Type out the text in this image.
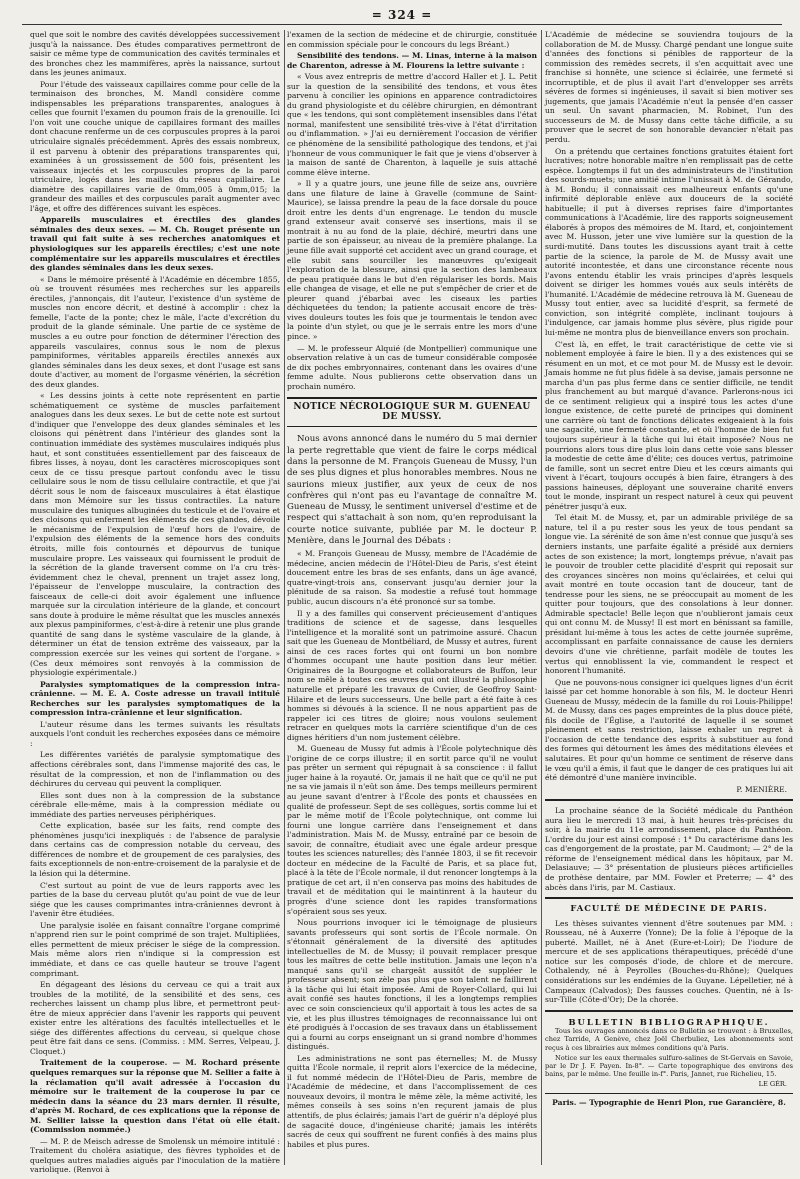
= 324 =

quel que soit le nombre des cavités développées successivement jusqu'à la naissance. Des études comparatives permettront de saisir ce même type de communication des cavités terminales et des bronches chez les mammifères, après la naissance, surtout dans les jeunes animaux.

Pour l'étude des vaisseaux capillaires comme pour celle de la terminaison des bronches, M. Mandl considère comme indispensables les préparations transparentes, analogues à celles que fournit l'examen du poumon frais de la grenouille. Ici l'on voit une couche unique de capillaires formant des mailles dont chacune renferme un de ces corpuscules propres à la paroi utriculaire signalés précédemment. Après des essais nombreux, il est parvenu à obtenir des préparations transparentes qui, examinées à un grossissement de 500 fois, présentent les vaisseaux injectés et les corpuscules propres de la paroi utriculaire, logés dans les mailles du réseau capillaire. Le diamètre des capillaires varie de 0mm,005 à 0mm,015; la grandeur des mailles et des corpuscules paraît augmenter avec l'âge, et offre des différences suivant les espèces.

Appareils musculaires et érectiles des glandes séminales des deux sexes. — M. Ch. Rouget présente un travail qui fait suite à ses recherches anatomiques et physiologiques sur les appareils érectiles; c'est une note complémentaire sur les appareils musculaires et érectiles des glandes séminales dans les deux sexes.

« Dans le mémoire présenté à l'Académie en décembre 1855, où se trouvent résumées mes recherches sur les appareils érectiles, j'annonçais, dit l'auteur, l'existence d'un système de muscles non encore décrit, et destiné à accomplir : chez la femelle, l'acte de la ponte; chez le mâle, l'acte d'excrétion du produit de la glande séminale. Une partie de ce système de muscles a eu outre pour fonction de déterminer l'érection des appareils vasculaires, connus sous le nom de plexus pampiniformes, véritables appareils érectiles annexés aux glandes séminales dans les deux sexes, et dont l'usage est sans doute d'activer, au moment de l'orgasme vénérien, la sécrétion des deux glandes.

« Les dessins joints à cette note représentent en partie schématiquement ce système de muscles parfaitement analogues dans les deux sexes. Le but de cette note est surtout d'indiquer que l'enveloppe des deux glandes séminales et les cloisons qui pénètrent dans l'intérieur des glandes sont la continuation immédiate des systèmes musculaires indiqués plus haut, et sont constituées essentiellement par des faisceaux de fibres lisses, à noyau, dont les caractères microscopiques sont ceux de ce tissu presque partout confondu avec le tissu cellulaire sous le nom de tissu cellulaire contractile, et que j'ai décrit sous le nom de faisceaux musculaires à état élastique dans mon Mémoire sur les tissus contractiles. La nature musculaire des tuniques albuginées du testicule et de l'ovaire et des cloisons qui enferment les éléments de ces glandes, dévoile le mécanisme de l'expulsion de l'œuf hors de l'ovaire, de l'expulsion des éléments de la semence hors des conduits étroits, mille fois contournés et dépourvus de tunique musculaire propre. Les vaisseaux qui fournissent le produit de la sécrétion de la glande traversent comme on l'a cru très-évidemment chez le cheval, prennent un trajet assez long, l'épaisseur de l'enveloppe musculaire, la contraction des faisceaux de celle-ci doit avoir également une influence marquée sur la circulation intérieure de la glande, et concourt sans doute à produire le même résultat que les muscles annexés aux plexus pampiniformes, c'est-à-dire à retenir une plus grande quantité de sang dans le système vasculaire de la glande, à déterminer un état de tension extrême des vaisseaux, par la compression exercée sur les veines qui sortent de l'organe. » (Ces deux mémoires sont renvoyés à la commission de physiologie expérimentale.)

Paralysies symptomatiques de la compression intra-crânienne. — M. E. A. Coste adresse un travail intitulé Recherches sur les paralysies symptomatiques de la compression intra-crânienne et leur signification.

L'auteur résume dans les termes suivants les résultats auxquels l'ont conduit les recherches exposées dans ce mémoire :

Les différentes variétés de paralysie symptomatique des affections cérébrales sont, dans l'immense majorité des cas, le résultat de la compression, et non de l'inflammation ou des déchirures du cerveau qui peuvent la compliquer.

Elles sont dues non à la compression de la substance cérébrale elle-même, mais à la compression médiate ou immédiate des parties nerveuses périphériques.

Cette explication, basée sur les faits, rend compte des phénomènes jusqu'ici inexpliqués : de l'absence de paralysie dans certains cas de compression notable du cerveau, des différences de nombre et de groupement de ces paralysies, des faits exceptionnels de non-entre-croisement de la paralysie et de la lésion qui la détermine.

C'est surtout au point de vue de leurs rapports avec les parties de la base du cerveau plutôt qu'au point de vue de leur siége que les causes comprimantes intra-crâniennes devront à l'avenir être étudiées.

Une paralysie isolée en faisant connaître l'organe comprimé n'apprend rien sur le point comprimé de son trajet. Multipliées, elles permettent de mieux préciser le siége de la compression. Mais même alors rien n'indique si la compression est immédiate, et dans ce cas quelle hauteur se trouve l'agent comprimant.

En dégageant des lésions du cerveau ce qui a trait aux troubles de la motilité, de la sensibilité et des sens, ces recherches laissent un champ plus libre, et permettront peut-être de mieux apprécier dans l'avenir les rapports qui peuvent exister entre les altérations des facultés intellectuelles et le siége des différentes affections du cerveau, si quelque chose peut être fait dans ce sens. (Commiss. : MM. Serres, Velpeau, J. Cloquet.)

Traitement de la couperose. — M. Rochard présente quelques remarques sur la réponse que M. Sellier a faite à la réclamation qu'il avait adressée à l'occasion du mémoire sur le traitement de la couperose lu par ce médecin dans la séance du 23 mars dernier. Il résulte, d'après M. Rochard, de ces explications que la réponse de M. Sellier laisse la question dans l'état où elle était. (Commission nommée.)

— M. P. de Meisch adresse de Smolensk un mémoire intitulé : Traitement du choléra asiatique, des fièvres typhoïdes et de quelques autres maladies aiguës par l'inoculation de la matière variolique. (Renvoi à

l'examen de la section de médecine et de chirurgie, constituée en commission spéciale pour le concours du legs Bréant.)

Sensibilité des tendons. — M. Linas, interne à la maison de Charenton, adresse à M. Flourens la lettre suivante :

« Vous avez entrepris de mettre d'accord Haller et J. L. Petit sur la question de la sensibilité des tendons, et vous êtes parvenu à concilier les opinions en apparence contradictoires du grand physiologiste et du célèbre chirurgien, en démontrant que « les tendons, qui sont complètement insensibles dans l'état normal, manifestent une sensibilité très-vive à l'état d'irritation ou d'inflammation. » J'ai eu dernièrement l'occasion de vérifier ce phénomène de la sensibilité pathologique des tendons, et j'ai l'honneur de vous communiquer le fait que je viens d'observer à la maison de santé de Charenton, à laquelle je suis attaché comme élève interne.

» Il y a quatre jours, une jeune fille de seize ans, ouvrière dans une filature de laine à Gravelle (commune de Saint-Maurice), se laissa prendre la peau de la face dorsale du pouce droit entre les dents d'un engrenage. Le tendon du muscle grand extenseur avait conservé ses insertions, mais il se montrait à nu au fond de la plaie, déchiré, meurtri dans une partie de son épaisseur, au niveau de la première phalange. La jeune fille avait supporté cet accident avec un grand courage, et elle subit sans sourciller les manœuvres qu'exigeait l'exploration de la blessure, ainsi que la section des lambeaux de peau pratiquée dans le but d'en régulariser les bords. Mais elle changea de visage, et elle ne put s'empêcher de crier et de pleurer quand j'ébarbai avec les ciseaux les parties déchiquetées du tendon; la patiente accusait encore de très-vives douleurs toutes les fois que je tourmentais le tendon avec la pointe d'un stylet, ou que je le serrais entre les mors d'une pince. »

— M. le professeur Alquié (de Montpellier) communique une observation relative à un cas de tumeur considérable composée de dix poches embryonnaires, contenant dans les ovaires d'une femme adulte. Nous publierons cette observation dans un prochain numéro.

NOTICE NÉCROLOGIQUE SUR M. GUENEAU DE MUSSY.

Nous avons annoncé dans le numéro du 5 mai dernier la perte regrettable que vient de faire le corps médical dans la personne de M. François Gueneau de Mussy, l'un de ses plus dignes et plus honorables membres. Nous ne saurions mieux justifier, aux yeux de ceux de nos confrères qui n'ont pas eu l'avantage de connaître M. Gueneau de Mussy, le sentiment universel d'estime et de respect qui s'attachait à son nom, qu'en reproduisant la courte notice suivante, publiée par M. le docteur P. Menière, dans le Journal des Débats :

« M. François Gueneau de Mussy, membre de l'Académie de médecine, ancien médecin de l'Hôtel-Dieu de Paris, s'est éteint doucement entre les bras de ses enfants, dans un âge avancé, quatre-vingt-trois ans, conservant jusqu'au dernier jour la plénitude de sa raison. Sa modestie a refusé tout hommage public, aucun discours n'a été prononcé sur sa tombe.

Il y a des familles qui conservent précieusement d'antiques traditions de science et de sagesse, dans lesquelles l'intelligence et la moralité sont un patrimoine assuré. Chacun sait que les Gueneau de Montbéliard, de Mussy et autres, furent ainsi de ces races fortes qui ont fourni un bon nombre d'hommes occupant une haute position dans leur métier. Originaires de la Bourgogne et collaborateurs de Buffon, leur nom se mêle à toutes ces œuvres qui ont illustré la philosophie naturelle et préparé les travaux de Cuvier, de Geoffroy Saint-Hilaire et de leurs successeurs. Une belle part a été faite à ces hommes si dévoués à la science. Il ne nous appartient pas de rappeler ici ces titres de gloire; nous voulons seulement retracer en quelques mots la carrière scientifique d'un de ces dignes héritiers d'un nom justement célèbre.

M. Gueneau de Mussy fut admis à l'École polytechnique dès l'origine de ce corps illustre; il en sortit parce qu'il ne voulut pas prêter un serment qui répugnait à sa conscience : il fallut juger haine à la royauté. Or, jamais il ne haït que ce qu'il ne put ne sa vie jamais il n'eût son âme. Des temps meilleurs permirent au jeune savant d'entrer à l'École des ponts et chaussées en qualité de professeur. Sept de ses collègues, sortis comme lui et par le même motif de l'École polytechnique, ont comme lui fourni une longue carrière dans l'enseignement et dans l'administration. Mais M. de Mussy, entraîné par ce besoin de savoir, de connaître, étudiait avec une égale ardeur presque toutes les sciences naturelles; dès l'année 1803, il se fit recevoir docteur en médecine de la Faculté de Paris, et sa place fut, placé à la tête de l'École normale, il dut renoncer longtemps à la pratique de cet art, il n'en conserva pas moins des habitudes de travail et de méditation qui le maintinrent à la hauteur du progrès d'une science dont les rapides transformations s'opéraient sous ses yeux.

Nous pourrions invoquer ici le témoignage de plusieurs savants professeurs qui sont sortis de l'École normale. On s'étonnait généralement de la diversité des aptitudes intellectuelles de M. de Mussy; il pouvait remplacer presque tous les maîtres de cette belle institution. Jamais une leçon n'a manqué sans qu'il se chargeât aussitôt de suppléer le professeur absent; son zèle pas plus que son talent ne faillirent à la tâche qui lui était imposée. Ami de Royer-Collard, qui lui avait confié ses hautes fonctions, il les a longtemps remplies avec ce soin consciencieux qu'il apportait à tous les actes de sa vie, et les plus illustres témoignages de reconnaissance lui ont été prodigués à l'occasion de ses travaux dans un établissement qui a fourni au corps enseignant un si grand nombre d'hommes distingués.

Les administrations ne sont pas éternelles; M. de Mussy quitta l'École normale, il reprit alors l'exercice de la médecine, il fut nommé médecin de l'Hôtel-Dieu de Paris, membre de l'Académie de médecine, et dans l'accomplissement de ces nouveaux devoirs, il montra le même zèle, la même activité, les mêmes conseils à ses soins n'en reçurent jamais de plus attentifs, de plus éclairés; jamais l'art de guérir n'a déployé plus de sagacité douce, d'ingénieuse charité; jamais les intérêts sacrés de ceux qui souffrent ne furent confiés à des mains plus habiles et plus pures.

L'Académie de médecine se souviendra toujours de la collaboration de M. de Mussy. Chargé pendant une longue suite d'années des fonctions si pénibles de rapporteur de la commission des remèdes secrets, il s'en acquittait avec une franchise si honnête, une science si éclairée, une fermeté si incorruptible, et de plus il avait l'art d'envelopper ses arrêts sévères de formes si ingénieuses, il savait si bien motiver ses jugements, que jamais l'Académie n'eut la pensée d'en casser un seul. Un savant pharmacien, M. Robinet, l'un des successeurs de M. de Mussy dans cette tâche difficile, a su prouver que le secret de son honorable devancier n'était pas perdu.

On a prétendu que certaines fonctions gratuites étaient fort lucratives; notre honorable maître n'en remplissait pas de cette espèce. Longtemps il fut un des administrateurs de l'institution des sourds-muets; une amitié intime l'unissait à M. de Gérando, à M. Bondu; il connaissait ces malheureux enfants qu'une infirmité déplorable enlève aux douceurs de la société habituelle; il put à diverses reprises faire d'importantes communications à l'Académie, lire des rapports soigneusement élaborés à propos des mémoires de M. Itard, et, conjointement avec M. Husson, jeter une vive lumière sur la question de la surdi-mutité. Dans toutes les discussions ayant trait à cette partie de la science, la parole de M. de Mussy avait une autorité incontestée, et dans une circonstance récente nous l'avons entendu établir les vrais principes d'après lesquels doivent se diriger les hommes voués aux seuls intérêts de l'humanité. L'Académie de médecine retrouva là M. Gueneau de Mussy tout entier, avec sa lucidité d'esprit, sa fermeté de conviction, son intégrité complète, inclinant toujours à l'indulgence, car jamais homme plus sévère, plus rigide pour lui-même ne montra plus de bienveillance envers son prochain.

C'est là, en effet, le trait caractéristique de cette vie si noblement employée à faire le bien. Il y a des existences qui se résument en un mot, et ce mot pour M. de Mussy est le devoir. Jamais homme ne fut plus fidèle à sa devise, jamais personne ne marcha d'un pas plus ferme dans ce sentier difficile, ne tendit plus franchement au but marqué d'avance. Parlerons-nous ici de ce sentiment religieux qui a inspiré tous les actes d'une longue existence, de cette pureté de principes qui dominent une carrière où tant de fonctions délicates exigeaient à la fois une sagacité, une fermeté constante, et où l'homme de bien fut toujours supérieur à la tâche qui lui était imposée? Nous ne pourrions alors tous dire plus loin dans cette voie sans blesser la modestie de cette âme d'élite; ces douces vertus, patrimoine de famille, sont un secret entre Dieu et les cœurs aimants qui vivent à l'écart, toujours occupés à bien faire, étrangers à des passions haineuses, déployant une souveraine charité envers tout le monde, inspirant un respect naturel à ceux qui peuvent pénétrer jusqu'à eux.

Tel était M. de Mussy, et, par un admirable privilége de sa nature, tel il a pu rester sous les yeux de tous pendant sa longue vie. La sérénité de son âme n'est connue que jusqu'à ses derniers instants, une parfaite égalité a présidé aux derniers actes de son existence; la mort, longtemps prévue, n'avait pas le pouvoir de troubler cette placidité d'esprit qui reposait sur des croyances sincères non moins qu'éclairées, et celui qui avait montré en toute occasion tant de douceur, tant de tendresse pour les siens, ne se préoccupait au moment de les quitter pour toujours, que des consolations à leur donner. Admirable spectacle! Belle leçon que n'oublieront jamais ceux qui ont connu M. de Mussy! Il est mort en bénissant sa famille, présidant lui-même à tous les actes de cette journée suprême, accomplissant en parfaite connaissance de cause les derniers devoirs d'une vie chrétienne, parfait modèle de toutes les vertus qui ennoblissent la vie, commandent le respect et honorent l'humanité.

Que ne pouvons-nous consigner ici quelques lignes d'un écrit laissé par cet homme honorable à son fils, M. le docteur Henri Gueneau de Mussy, médecin de la famille du roi Louis-Philippe! M. de Mussy, dans ces pages empreintes de la plus douce piété, fils docile de l'Église, a l'autorité de laquelle il se soumet pleinement et sans restriction, laisse exhaler un regret à l'occasion de cette tendance des esprits à substituer au fond des formes qui détournent les âmes des méditations élevées et salutaires. Et pour qu'un homme ce sentiment de réserve dans le vœu qu'il a émis, il faut que le danger de ces pratiques lui ait été démontré d'une manière invincible.

P. MENIÈRE.

La prochaine séance de la Société médicale du Panthéon aura lieu le mercredi 13 mai, à huit heures très-précises du soir, à la mairie du 11e arrondissement, place du Panthéon. L'ordre du jour est ainsi composé : 1° Du caractérisme dans les cas d'engorgement de la prostate, par M. Caudmont; — 2° de la réforme de l'enseignement médical dans les hôpitaux, par M. Delasiauve; — 3° présentation de plusieurs pièces artificielles de prothèse dentaire, par MM. Fowler et Preterre; — 4° des abcès dans l'iris, par M. Castiaux.

FACULTÉ DE MÉDECINE DE PARIS.

Les thèses suivantes viennent d'être soutenues par MM. : Rousseau, né à Auxerre (Yonne); De la folie à l'époque de la puberté. Maillet, né à Anet (Eure-et-Loir); De l'iodure de mercure et de ses applications thérapeutiques, précédé d'une notice sur les composés d'iode, de chlore et de mercure. Cothalendy, né à Peyrolles (Bouches-du-Rhône); Quelques considérations sur les endémies de la Guyane. Lépelletier, né à Campeaux (Calvados); Des fausses couches. Quentin, né à Is-sur-Tille (Côte-d'Or); De la chorée.

BULLETIN BIBLIOGRAPHIQUE.

Tous les ouvrages annoncés dans ce Bulletin se trouvent : à Bruxelles, chez Tarride, A Genève, chez Joël Cherbuliez, Les abonnements sont reçus à ces librairies aux mêmes conditions qu'à Paris.

Notice sur les eaux thermales sulfuro-salines de St-Gervais en Savoie, par le Dr J. F. Payen. In-8°. — Carte topographique des environs des bains, par le même. Une feuille in-f°. Paris, Jannet, rue Richelieu, 15.

LE GÉR.
Paris. — Typographie de Henri Plon, rue Garancière, 8.
